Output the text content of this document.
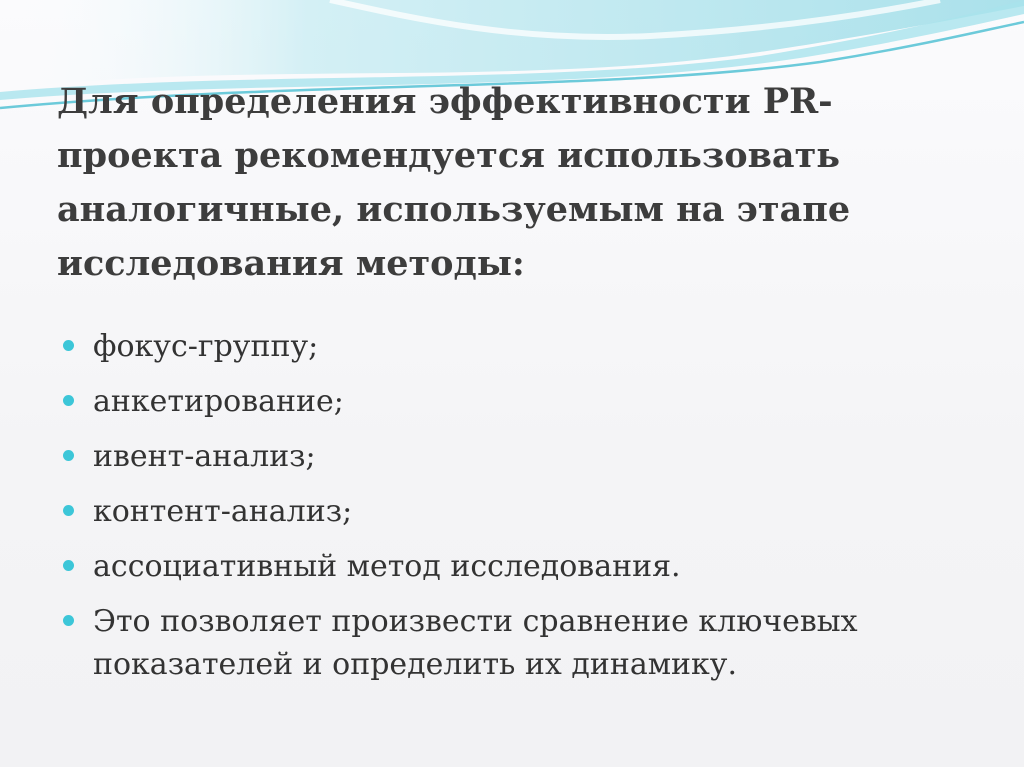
Для определения эффективности PR-проекта рекомендуется использовать аналогичные, используемым на этапе исследования методы:
фокус-группу;
анкетирование;
ивент-анализ;
контент-анализ;
ассоциативный метод исследования.
Это позволяет произвести сравнение ключевых показателей и определить их динамику.
